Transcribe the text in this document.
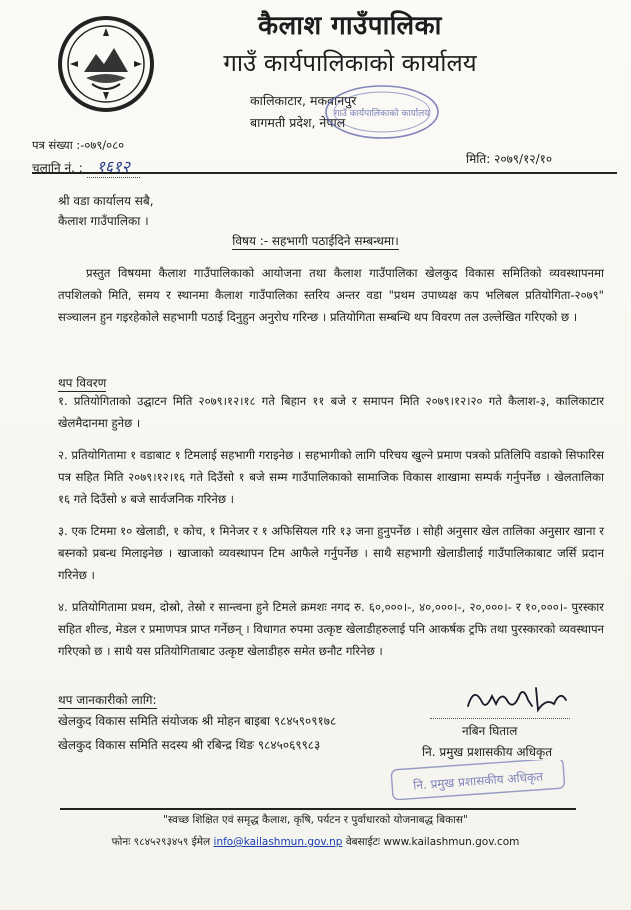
कैलाश गाउँपालिका
गाउँ कार्यपालिकाको कार्यालय
कालिकाटार, मकवानपुर
बागमती प्रदेश, नेपाल
गाउँ कार्यपालिकाको कार्यालय
पत्र संख्या :-०७९/०८०
चलानि नं. : १६१२	मिति: २०७९/१२/१०
श्री वडा कार्यालय सबै,
कैलाश गाउँपालिका ।
विषय :- सहभागी पठाईदिने सम्बन्धमा।
प्रस्तुत विषयमा कैलाश गाउँपालिकाको आयोजना तथा कैलाश गाउँपालिका खेलकुद विकास समितिको व्यवस्थापनमा तपशिलको मिति, समय र स्थानमा कैलाश गाउँपालिका स्तरिय अन्तर वडा "प्रथम उपाध्यक्ष कप भलिबल प्रतियोगिता-२०७९" सञ्चालन हुन गइरहेकोले सहभागी पठाई दिनुहुन अनुरोध गरिन्छ । प्रतियोगिता सम्बन्धि थप विवरण तल उल्लेखित गरिएको छ ।
थप विवरण
१. प्रतियोगिताको उद्घाटन मिति २०७९।१२।१८ गते बिहान ११ बजे र समापन मिति २०७९।१२।२० गते कैलाश-३, कालिकाटार खेलमैदानमा हुनेछ ।
२. प्रतियोगितामा १ वडाबाट १ टिमलाई सहभागी गराइनेछ । सहभागीको लागि परिचय खुल्ने प्रमाण पत्रको प्रतिलिपि वडाको सिफारिस पत्र सहित मिति २०७९।१२।१६ गते दिउँसो १ बजे सम्म गाउँपालिकाको सामाजिक विकास शाखामा सम्पर्क गर्नुपर्नेछ । खेलतालिका १६ गते दिउँसो ४ बजे सार्वजनिक गरिनेछ ।
३. एक टिममा १० खेलाडी, १ कोच, १ मिनेजर र १ अफिसियल गरि १३ जना हुनुपर्नेछ । सोही अनुसार खेल तालिका अनुसार खाना र बस्नको प्रबन्ध मिलाइनेछ । खाजाको व्यवस्थापन टिम आफैले गर्नुपर्नेछ । साथै सहभागी खेलाडीलाई गाउँपालिकाबाट जर्सि प्रदान गरिनेछ ।
४. प्रतियोगितामा प्रथम, दोस्रो, तेस्रो र सान्त्वना हुने टिमले क्रमशः नगद रु. ६०,०००।-, ४०,०००।-, २०,०००।- र १०,०००।- पुरस्कार सहित शील्ड, मेडल र प्रमाणपत्र प्राप्त गर्नेछन् । विधागत रुपमा उत्कृष्ट खेलाडीहरुलाई पनि आकर्षक ट्रफि तथा पुरस्कारको व्यवस्थापन गरिएको छ । साथै यस प्रतियोगिताबाट उत्कृष्ट खेलाडीहरु समेत छनौट गरिनेछ ।
थप जानकारीको लागि:
खेलकुद विकास समिति संयोजक श्री मोहन बाइबा ९८४५९०९१७८
खेलकुद विकास समिति सदस्य श्री रबिन्द्र थिङ ९८४५०६९९८३
नबिन घिताल
नि. प्रमुख प्रशासकीय अधिकृत
नि. प्रमुख प्रशासकीय अधिकृत
"स्वच्छ शिक्षित एवं समृद्ध कैलाश, कृषि, पर्यटन र पुर्वाधारको योजनाबद्ध बिकास"
फोनः ९८४५२९३४५९ ईमेल info@kailashmun.gov.np वेबसाईटः www.kailashmun.gov.com
